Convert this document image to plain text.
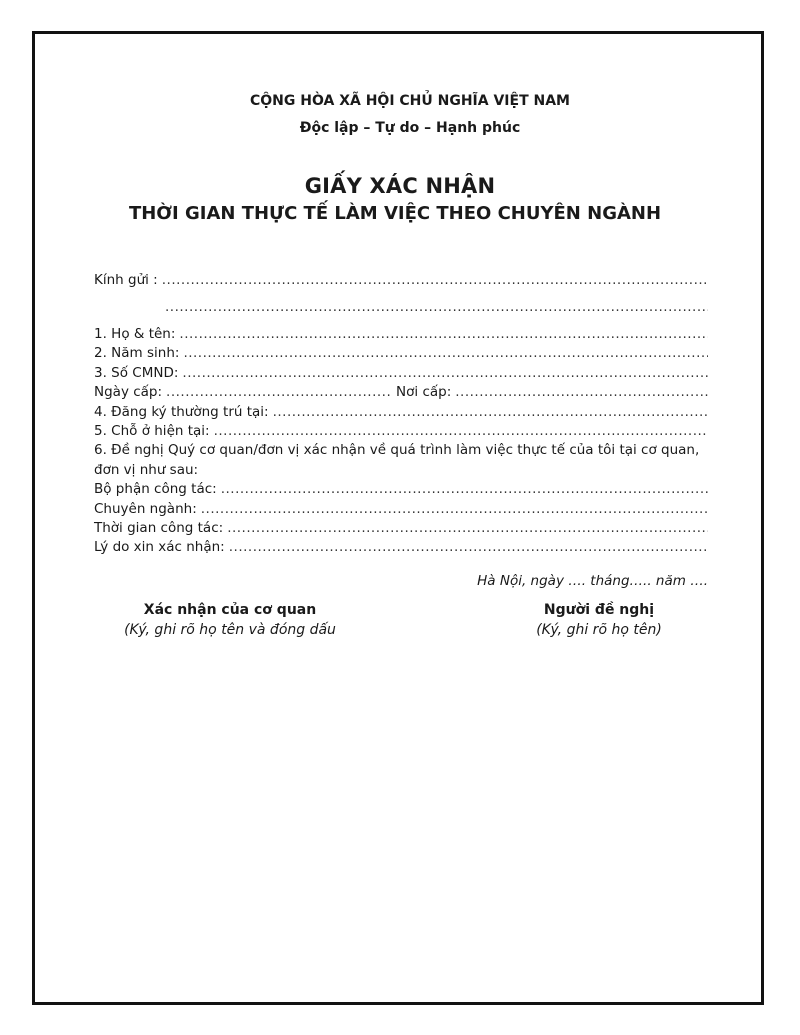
CỘNG HÒA XÃ HỘI CHỦ NGHĨA VIỆT NAM
Độc lập – Tự do – Hạnh phúc
GIẤY XÁC NHẬN
THỜI GIAN THỰC TẾ LÀM VIỆC THEO CHUYÊN NGÀNH
Kính gửi :
.....
.....
1. Họ & tên:
.....
2. Năm sinh:
.....
3. Số CMND:
.....
Ngày cấp:
.....	Nơi cấp:
.....
4. Đăng ký thường trú tại:
.....
5. Chỗ ở hiện tại:
.....
6. Đề nghị Quý cơ quan/đơn vị xác nhận về quá trình làm việc thực tế của tôi tại cơ quan, đơn vị như sau:
Bộ phận công tác:
.....
Chuyên ngành:
.....
Thời gian công tác:
.....
Lý do xin xác nhận:
.....
Hà Nội, ngày …. tháng….. năm ….
Xác nhận của cơ quan
(Ký, ghi rõ họ tên và đóng dấu
Người đề nghị
(Ký, ghi rõ họ tên)
